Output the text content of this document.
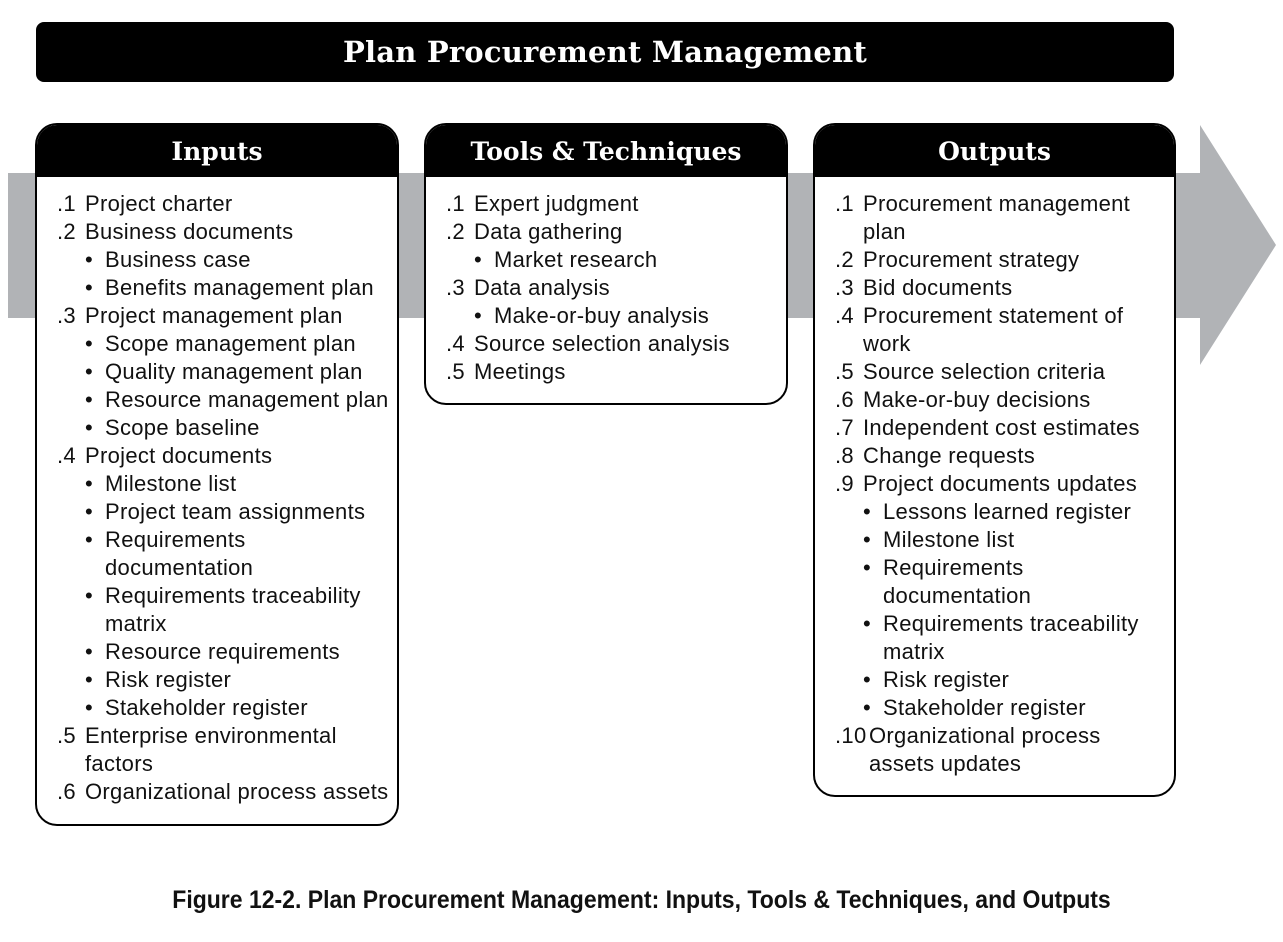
Plan Procurement Management
Inputs
.1 Project charter
.2 Business documents
• Business case
• Benefits management plan
.3 Project management plan
• Scope management plan
• Quality management plan
• Resource management plan
• Scope baseline
.4 Project documents
• Milestone list
• Project team assignments
• Requirements documentation
• Requirements traceability matrix
• Resource requirements
• Risk register
• Stakeholder register
.5 Enterprise environmental factors
.6 Organizational process assets
Tools & Techniques
.1 Expert judgment
.2 Data gathering
• Market research
.3 Data analysis
• Make-or-buy analysis
.4 Source selection analysis
.5 Meetings
Outputs
.1 Procurement management plan
.2 Procurement strategy
.3 Bid documents
.4 Procurement statement of work
.5 Source selection criteria
.6 Make-or-buy decisions
.7 Independent cost estimates
.8 Change requests
.9 Project documents updates
• Lessons learned register
• Milestone list
• Requirements documentation
• Requirements traceability matrix
• Risk register
• Stakeholder register
.10 Organizational process assets updates
Figure 12-2. Plan Procurement Management: Inputs, Tools & Techniques, and Outputs
